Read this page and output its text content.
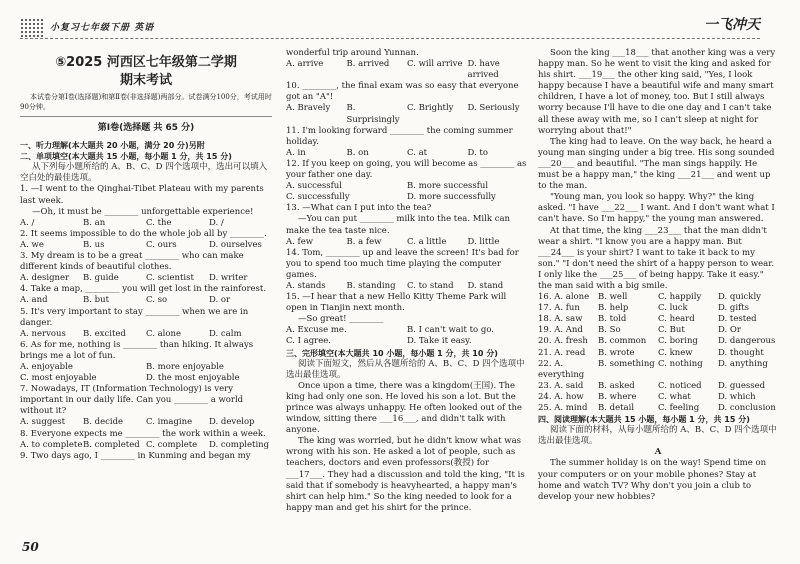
小复习七年级下册 英语	一飞冲天
⑤2025 河西区七年级第二学期
期末考试

本试卷分第Ⅰ卷(选择题)和第Ⅱ卷(非选择题)两部分。试卷满分100分，考试用时90分钟。

第Ⅰ卷(选择题 共 65 分)

一、听力理解(本大题共 20 小题，满分 20 分)另附

二、单项填空(本大题共 15 小题，每小题 1 分，共 15 分)

从下列每小题所给的 A、B、C、D 四个选项中，选出可以填入空白处的最佳选项。

1. —I went to the Qinghai-Tibet Plateau with my parents last week.

—Oh, it must be ________ unforgettable experience!

A. /	B. an	C. the	D. /

2. It seems impossible to do the whole job all by ________.

A. we	B. us	C. ours	D. ourselves

3. My dream is to be a great ________ who can make different kinds of beautiful clothes.

A. designer	B. guide	C. scientist	D. writer

4. Take a map, ________ you will get lost in the rainforest.

A. and	B. but	C. so	D. or

5. It's very important to stay ________ when we are in danger.

A. nervous	B. excited	C. alone	D. calm

6. As for me, nothing is ________ than hiking. It always brings me a lot of fun.

A. enjoyable	B. more enjoyable
C. most enjoyable	D. the most enjoyable

7. Nowadays, IT (Information Technology) is very important in our daily life. Can you ________ a world without it?

A. suggest	B. decide	C. imagine	D. develop

8. Everyone expects me ________ the work within a week.

A. to complete B. completed C. complete	D. completing

9. Two days ago, I ________ in Kunming and began my

50

wonderful trip around Yunnan.

A. arrive	B. arrived	C. will arrive D. have arrived

10. ________, the final exam was so easy that everyone got an "A"!

A. Bravely	B. Surprisingly
C. Brightly	D. Seriously

11. I'm looking forward ________ the coming summer holiday.

A. in	B. on	C. at	D. to

12. If you keep on going, you will become as ________ as your father one day.

A. successful	B. more successful
C. successfully	D. more successfully

13. —What can I put into the tea?

—You can put ________ milk into the tea. Milk can make the tea taste nice.

A. few	B. a few	C. a little	D. little

14. Tom, ________ up and leave the screen! It's bad for you to spend too much time playing the computer games.

A. stands	B. standing	C. to stand	D. stand

15. —I hear that a new Hello Kitty Theme Park will open in Tianjin next month.

—So great! ________

A. Excuse me.	B. I can't wait to go.
C. I agree.	D. Take it easy.

三、完形填空(本大题共 10 小题，每小题 1 分，共 10 分)

阅读下面短文，然后从各题所给的 A、B、C、D 四个选项中选出最佳选项。

Once upon a time, there was a kingdom(王国). The king had only one son. He loved his son a lot. But the prince was always unhappy. He often looked out of the window, sitting there ___16___, and didn't talk with anyone.

The king was worried, but he didn't know what was wrong with his son. He asked a lot of people, such as teachers, doctors and even professors(教授) for ___17___. They had a discussion and told the king, "It is said that if somebody is heavyhearted, a happy man's shirt can help him." So the king needed to look for a happy man and get his shirt for the prince.

Soon the king ___18___ that another king was a very happy man. So he went to visit the king and asked for his shirt. ___19___ the other king said, "Yes, I look happy because I have a beautiful wife and many smart children, I have a lot of money, too. But I still always worry because I'll have to die one day and I can't take all these away with me, so I can't sleep at night for worrying about that!"

The king had to leave. On the way back, he heard a young man singing under a big tree. His song sounded ___20___ and beautiful. "The man sings happily. He must be a happy man," the king ___21___ and went up to the man.

"Young man, you look so happy. Why?" the king asked. "I have ___22___ I want. And I don't want what I can't have. So I'm happy," the young man answered.

At that time, the king ___23___ that the man didn't wear a shirt. "I know you are a happy man. But ___24___ is your shirt? I want to take it back to my son." "I don't need the shirt of a happy person to wear. I only like the ___25___ of being happy. Take it easy." the man said with a big smile.

16. A. alone	B. well	C. happily	D. quickly
17. A. fun	B. help	C. luck	D. gifts
18. A. saw	B. told	C. heard	D. tested
19. A. And	B. So	C. But	D. Or
20. A. fresh	B. common	C. boring	D. dangerous
21. A. read	B. wrote	C. knew	D. thought
22. A. everything
B. something C. nothing	D. anything
23. A. said	B. asked	C. noticed	D. guessed
24. A. how	B. where	C. what	D. which
25. A. mind	B. detail	C. feeling	D. conclusion

四、阅读理解(本大题共 15 小题，每小题 1 分，共 15 分)

阅读下面的材料，从每小题所给的 A、B、C、D 四个选项中选出最佳选项。

A

The summer holiday is on the way! Spend time on your computers or on your mobile phones? Stay at home and watch TV? Why don't you join a club to develop your new hobbies?
